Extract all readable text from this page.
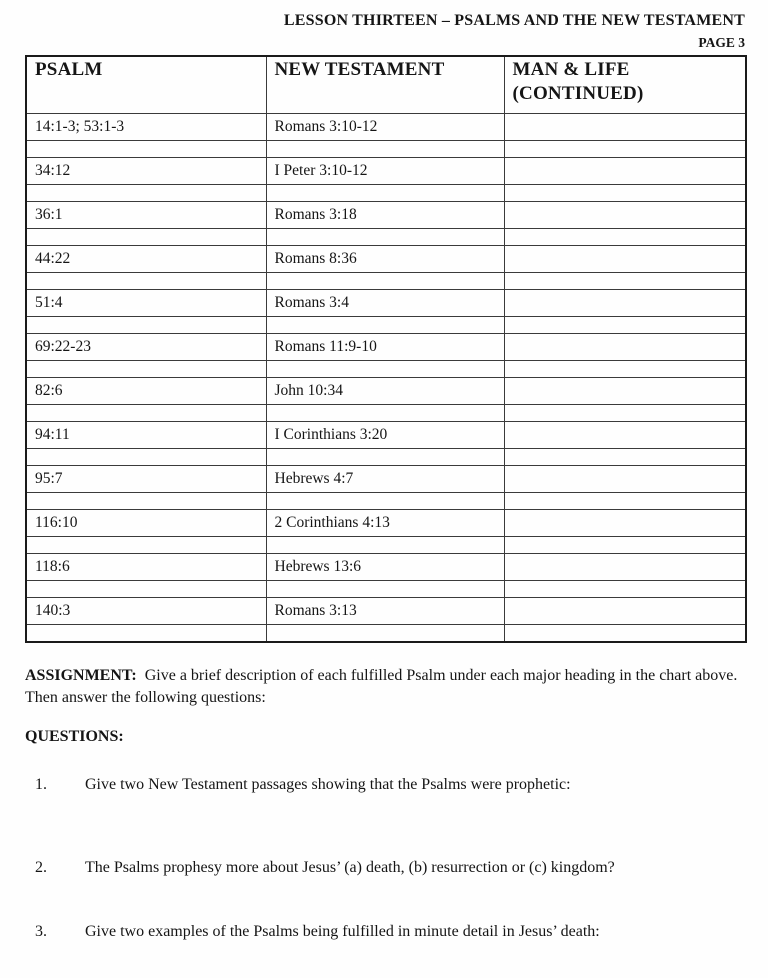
LESSON THIRTEEN – PSALMS AND THE NEW TESTAMENT
PAGE 3
PSALM	NEW TESTAMENT	MAN & LIFE
(CONTINUED)

14:1-3; 53:1-3	Romans 3:10-12	

34:12	I Peter 3:10-12	

36:1	Romans 3:18	

44:22	Romans 8:36	

51:4	Romans 3:4	

69:22-23	Romans 11:9-10	

82:6	John 10:34	

94:11	I Corinthians 3:20	

95:7	Hebrews 4:7	

116:10	2 Corinthians 4:13	

118:6	Hebrews 13:6	

140:3	Romans 3:13	

ASSIGNMENT:  Give a brief description of each fulfilled Psalm under each major heading in the chart above.  Then answer the following questions:

QUESTIONS:
1.	Give two New Testament passages showing that the Psalms were prophetic:
2.	The Psalms prophesy more about Jesus’ (a) death, (b) resurrection or (c) kingdom?
3.	Give two examples of the Psalms being fulfilled in minute detail in Jesus’ death:
